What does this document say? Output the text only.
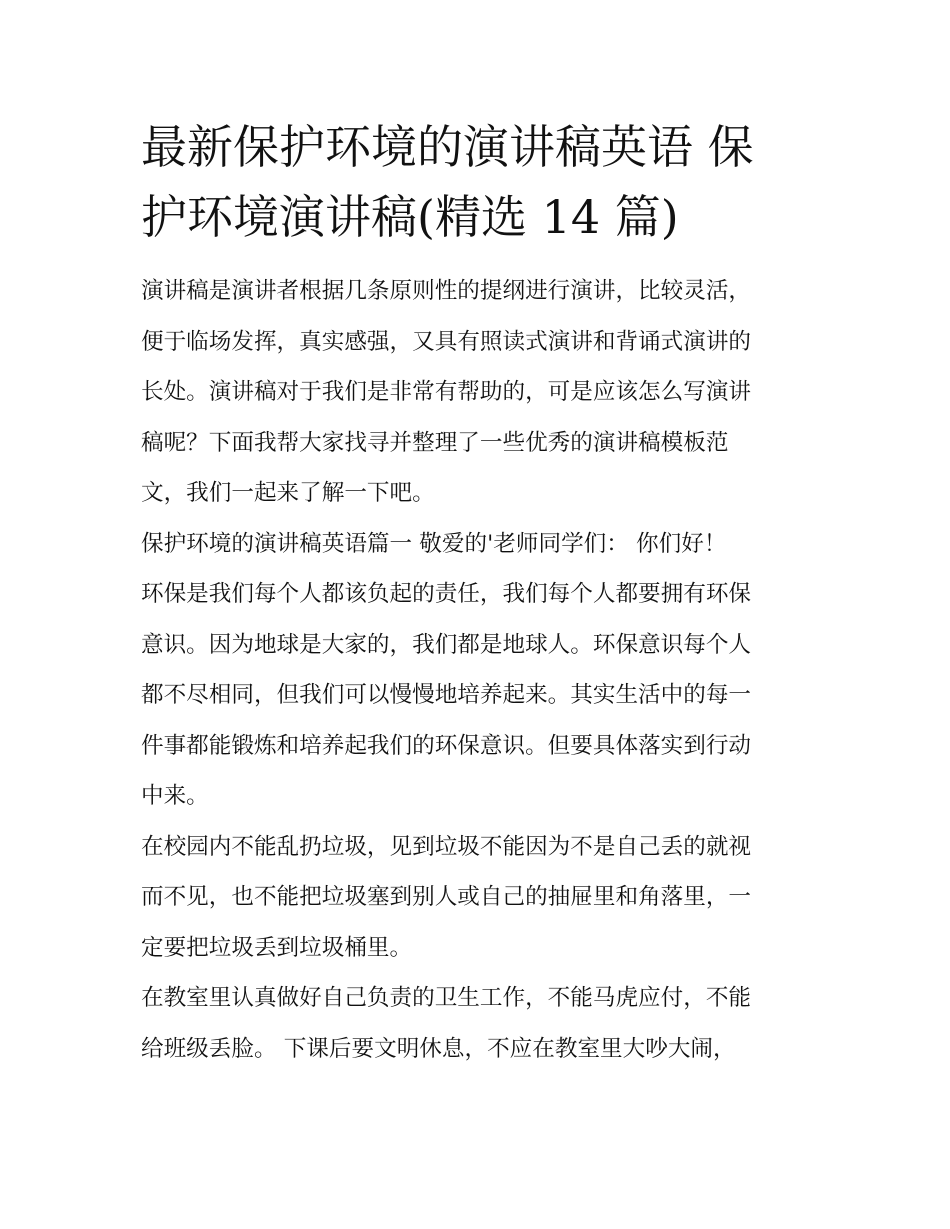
最新保护环境的演讲稿英语 保
护环境演讲稿(精选 14 篇)

演讲稿是演讲者根据几条原则性的提纲进行演讲，比较灵活，
便于临场发挥，真实感强，又具有照读式演讲和背诵式演讲的
长处。演讲稿对于我们是非常有帮助的，可是应该怎么写演讲
稿呢？下面我帮大家找寻并整理了一些优秀的演讲稿模板范
文，我们一起来了解一下吧。

保护环境的演讲稿英语篇一 敬爱的'老师同学们： 你们好！

环保是我们每个人都该负起的责任，我们每个人都要拥有环保
意识。因为地球是大家的，我们都是地球人。环保意识每个人
都不尽相同，但我们可以慢慢地培养起来。其实生活中的每一
件事都能锻炼和培养起我们的环保意识。但要具体落实到行动
中来。

在校园内不能乱扔垃圾，见到垃圾不能因为不是自己丢的就视
而不见，也不能把垃圾塞到别人或自己的抽屉里和角落里，一
定要把垃圾丢到垃圾桶里。

在教室里认真做好自己负责的卫生工作，不能马虎应付，不能
给班级丢脸。 下课后要文明休息，不应在教室里大吵大闹，
